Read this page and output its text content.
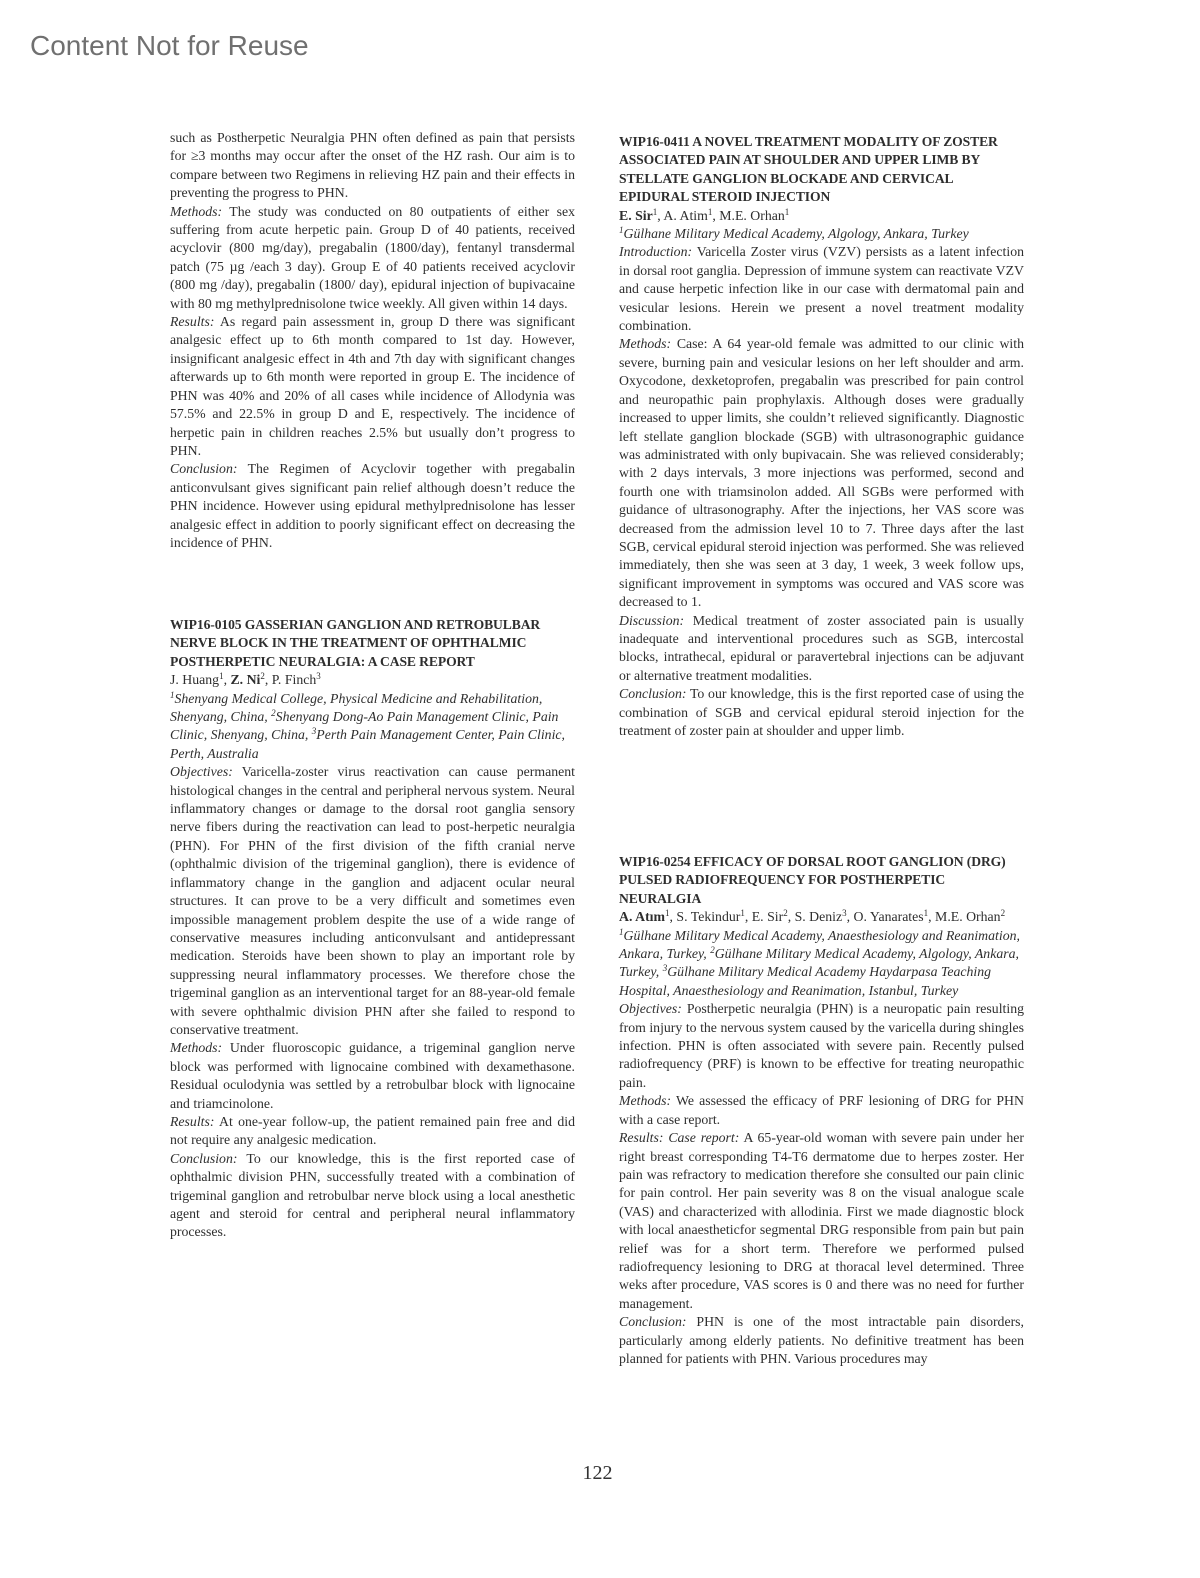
Content Not for Reuse

such as Postherpetic Neuralgia PHN often defined as pain that persists for ≥3 months may occur after the onset of the HZ rash. Our aim is to compare between two Regimens in relieving HZ pain and their effects in preventing the progress to PHN.

Methods: The study was conducted on 80 outpatients of either sex suffering from acute herpetic pain. Group D of 40 patients, received acyclovir (800 mg/day), pregabalin (1800/day), fentanyl transdermal patch (75 µg /each 3 day). Group E of 40 patients received acyclovir (800 mg /day), pregabalin (1800/ day), epidural injection of bupivacaine with 80 mg methylprednisolone twice weekly. All given within 14 days.

Results: As regard pain assessment in, group D there was significant analgesic effect up to 6th month compared to 1st day. However, insignificant analgesic effect in 4th and 7th day with significant changes afterwards up to 6th month were reported in group E. The incidence of PHN was 40% and 20% of all cases while incidence of Allodynia was 57.5% and 22.5% in group D and E, respectively. The incidence of herpetic pain in children reaches 2.5% but usually don’t progress to PHN.

Conclusion: The Regimen of Acyclovir together with pregabalin anticonvulsant gives significant pain relief although doesn’t reduce the PHN incidence. However using epidural methylprednisolone has lesser analgesic effect in addition to poorly significant effect on decreasing the incidence of PHN.

WIP16-0105 GASSERIAN GANGLION AND RETROBULBAR NERVE BLOCK IN THE TREATMENT OF OPHTHALMIC POSTHERPETIC NEURALGIA: A CASE REPORT

J. Huang$^1$, Z. Ni$^2$, P. Finch$^3$

$^1$Shenyang Medical College, Physical Medicine and Rehabilitation, Shenyang, China, $^2$Shenyang Dong-Ao Pain Management Clinic, Pain Clinic, Shenyang, China, $^3$Perth Pain Management Center, Pain Clinic, Perth, Australia

Objectives: Varicella-zoster virus reactivation can cause permanent histological changes in the central and peripheral nervous system. Neural inflammatory changes or damage to the dorsal root ganglia sensory nerve fibers during the reactivation can lead to post-herpetic neuralgia (PHN). For PHN of the first division of the fifth cranial nerve (ophthalmic division of the trigeminal ganglion), there is evidence of inflammatory change in the ganglion and adjacent ocular neural structures. It can prove to be a very difficult and sometimes even impossible management problem despite the use of a wide range of conservative measures including anticonvulsant and antidepressant medication. Steroids have been shown to play an important role by suppressing neural inflammatory processes. We therefore chose the trigeminal ganglion as an interventional target for an 88-year-old female with severe ophthalmic division PHN after she failed to respond to conservative treatment.

Methods: Under fluoroscopic guidance, a trigeminal ganglion nerve block was performed with lignocaine combined with dexamethasone. Residual oculodynia was settled by a retrobulbar block with lignocaine and triamcinolone.

Results: At one-year follow-up, the patient remained pain free and did not require any analgesic medication.

Conclusion: To our knowledge, this is the first reported case of ophthalmic division PHN, successfully treated with a combination of trigeminal ganglion and retrobulbar nerve block using a local anesthetic agent and steroid for central and peripheral neural inflammatory processes.

WIP16-0411 A NOVEL TREATMENT MODALITY OF ZOSTER ASSOCIATED PAIN AT SHOULDER AND UPPER LIMB BY STELLATE GANGLION BLOCKADE AND CERVICAL EPIDURAL STEROID INJECTION

E. Sir$^1$, A. Atim$^1$, M.E. Orhan$^1$

$^1$Gülhane Military Medical Academy, Algology, Ankara, Turkey

Introduction: Varicella Zoster virus (VZV) persists as a latent infection in dorsal root ganglia. Depression of immune system can reactivate VZV and cause herpetic infection like in our case with dermatomal pain and vesicular lesions. Herein we present a novel treatment modality combination.

Methods: Case: A 64 year-old female was admitted to our clinic with severe, burning pain and vesicular lesions on her left shoulder and arm. Oxycodone, dexketoprofen, pregabalin was prescribed for pain control and neuropathic pain prophylaxis. Although doses were gradually increased to upper limits, she couldn’t relieved significantly. Diagnostic left stellate ganglion blockade (SGB) with ultrasonographic guidance was administrated with only bupivacain. She was relieved considerably; with 2 days intervals, 3 more injections was performed, second and fourth one with triamsinolon added. All SGBs were performed with guidance of ultrasonography. After the injections, her VAS score was decreased from the admission level 10 to 7. Three days after the last SGB, cervical epidural steroid injection was performed. She was relieved immediately, then she was seen at 3 day, 1 week, 3 week follow ups, significant improvement in symptoms was occured and VAS score was decreased to 1.

Discussion: Medical treatment of zoster associated pain is usually inadequate and interventional procedures such as SGB, intercostal blocks, intrathecal, epidural or paravertebral injections can be adjuvant or alternative treatment modalities.

Conclusion: To our knowledge, this is the first reported case of using the combination of SGB and cervical epidural steroid injection for the treatment of zoster pain at shoulder and upper limb.

WIP16-0254 EFFICACY OF DORSAL ROOT GANGLION (DRG) PULSED RADIOFREQUENCY FOR POSTHERPETIC NEURALGIA

A. Atım$^1$, S. Tekindur$^1$, E. Sir$^2$, S. Deniz$^3$, O. Yanarates$^1$, M.E. Orhan$^2$

$^1$Gülhane Military Medical Academy, Anaesthesiology and Reanimation, Ankara, Turkey, $^2$Gülhane Military Medical Academy, Algology, Ankara, Turkey, $^3$Gülhane Military Medical Academy Haydarpasa Teaching Hospital, Anaesthesiology and Reanimation, Istanbul, Turkey

Objectives: Postherpetic neuralgia (PHN) is a neuropatic pain resulting from injury to the nervous system caused by the varicella during shingles infection. PHN is often associated with severe pain. Recently pulsed radiofrequency (PRF) is known to be effective for treating neuropathic pain.

Methods: We assessed the efficacy of PRF lesioning of DRG for PHN with a case report.

Results: Case report: A 65-year-old woman with severe pain under her right breast corresponding T4-T6 dermatome due to herpes zoster. Her pain was refractory to medication therefore she consulted our pain clinic for pain control. Her pain severity was 8 on the visual analogue scale (VAS) and characterized with allodinia. First we made diagnostic block with local anaestheticfor segmental DRG responsible from pain but pain relief was for a short term. Therefore we performed pulsed radiofrequency lesioning to DRG at thoracal level determined. Three weks after procedure, VAS scores is 0 and there was no need for further management.

Conclusion: PHN is one of the most intractable pain disorders, particularly among elderly patients. No definitive treatment has been planned for patients with PHN. Various procedures may

122
